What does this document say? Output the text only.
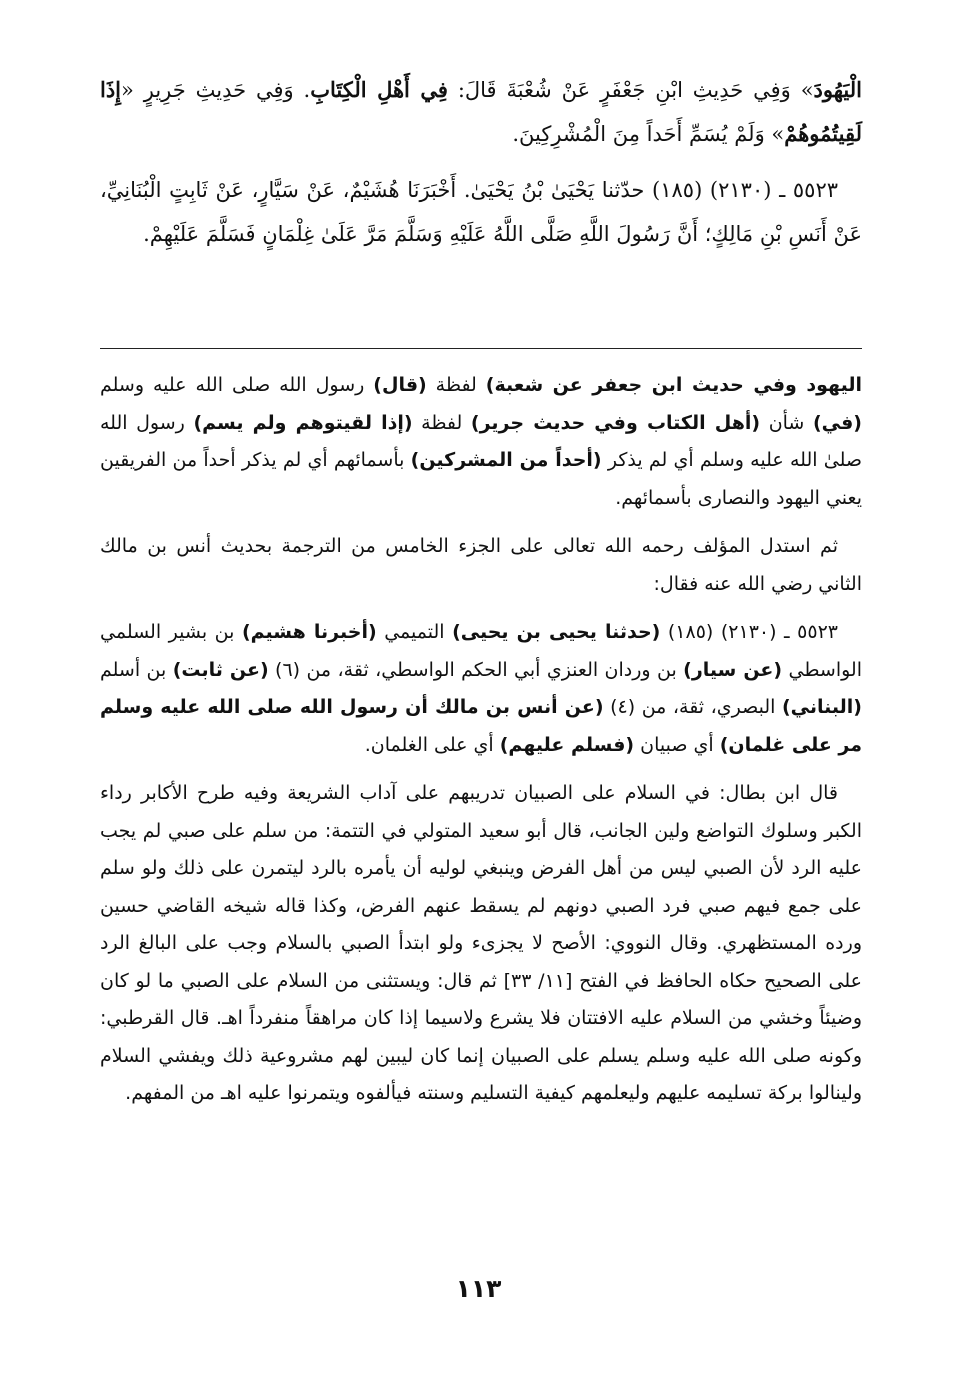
الْيَهُودَ» وَفِي حَدِيثِ ابْنِ جَعْفَرٍ عَنْ شُعْبَةَ قَالَ: فِي أَهْلِ الْكِتَابِ. وَفِي حَدِيثِ جَرِيرٍ «إِذَا لَقِيتُمُوهُمْ» وَلَمْ يُسَمِّ أَحَداً مِنَ الْمُشْرِكِينَ.

٥٥٢٣ ـ (٢١٣٠) (١٨٥) حدّثنا يَحْيَىٰ بْنُ يَحْيَىٰ. أَخْبَرَنَا هُشَيْمٌ، عَنْ سَيَّارٍ، عَنْ ثَابِتٍ الْبُنَانِيِّ، عَنْ أَنَسِ بْنِ مَالِكٍ؛ أَنَّ رَسُولَ اللَّهِ صَلَّى اللَّهُ عَلَيْهِ وَسَلَّمَ مَرَّ عَلَىٰ غِلْمَانٍ فَسَلَّمَ عَلَيْهِمْ.

اليهود وفي حديث ابن جعفر عن شعبة) لفظة (قال) رسول الله صلى الله عليه وسلم (في) شأن (أهل الكتاب وفي حديث جرير) لفظة (إذا لقيتوهم ولم يسم) رسول الله صلىٰ الله عليه وسلم أي لم يذكر (أحداً من المشركين) بأسمائهم أي لم يذكر أحداً من الفريقين يعني اليهود والنصارى بأسمائهم.

ثم استدل المؤلف رحمه الله تعالى على الجزء الخامس من الترجمة بحديث أنس بن مالك الثاني رضي الله عنه فقال:

٥٥٢٣ ـ (٢١٣٠) (١٨٥) (حدثنا يحيى بن يحيى) التميمي (أخبرنا هشيم) بن بشير السلمي الواسطي (عن سيار) بن وردان العنزي أبي الحكم الواسطي، ثقة، من (٦) (عن ثابت) بن أسلم (البناني) البصري، ثقة، من (٤) (عن أنس بن مالك أن رسول الله صلى الله عليه وسلم مر على غلمان) أي صبيان (فسلم عليهم) أي على الغلمان.

قال ابن بطال: في السلام على الصبيان تدريبهم على آداب الشريعة وفيه طرح الأكابر رداء الكبر وسلوك التواضع ولين الجانب، قال أبو سعيد المتولي في التتمة: من سلم على صبي لم يجب عليه الرد لأن الصبي ليس من أهل الفرض وينبغي لوليه أن يأمره بالرد ليتمرن على ذلك ولو سلم على جمع فيهم صبي فرد الصبي دونهم لم يسقط عنهم الفرض، وكذا قاله شيخه القاضي حسين ورده المستظهري. وقال النووي: الأصح لا يجزىء ولو ابتدأ الصبي بالسلام وجب على البالغ الرد على الصحيح حكاه الحافظ في الفتح [١١/ ٣٣] ثم قال: ويستثنى من السلام على الصبي ما لو كان وضيئاً وخشي من السلام عليه الافتتان فلا يشرع ولاسيما إذا كان مراهقاً منفرداً اهـ. قال القرطبي: وكونه صلى الله عليه وسلم يسلم على الصبيان إنما كان ليبين لهم مشروعية ذلك ويفشي السلام ولينالوا بركة تسليمه عليهم وليعلمهم كيفية التسليم وسنته فيألفوه ويتمرنوا عليه اهـ من المفهم.

١١٣
